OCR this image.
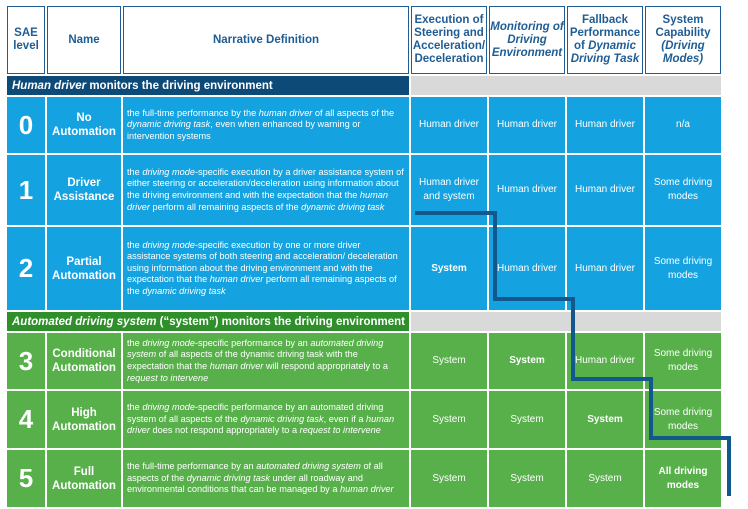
SAE level	Name	Narrative Definition	Execution of Steering and Acceleration/ Deceleration	Monitoring of Driving Environment	Fallback Performance of Dynamic Driving Task	System Capability (Driving Modes)
Human driver monitors the driving environment						
0	No Automation	the full-time performance by the human driver of all aspects of the dynamic driving task, even when enhanced by warning or intervention systems	Human driver	Human driver	Human driver	n/a
1	Driver Assistance	the driving mode-specific execution by a driver assistance system of either steering or acceleration/deceleration using information about the driving environment and with the expectation that the human driver perform all remaining aspects of the dynamic driving task	Human driver and system	Human driver	Human driver	Some driving modes
2	Partial Automation	the driving mode-specific execution by one or more driver assistance systems of both steering and acceleration/ deceleration using information about the driving environment and with the expectation that the human driver perform all remaining aspects of the dynamic driving task	System	Human driver	Human driver	Some driving modes
Automated driving system (“system”) monitors the driving environment						
3	Conditional Automation	the driving mode-specific performance by an automated driving system of all aspects of the dynamic driving task with the expectation that the human driver will respond appropriately to a request to intervene	System	System	Human driver	Some driving modes
4	High Automation	the driving mode-specific performance by an automated driving system of all aspects of the dynamic driving task, even if a human driver does not respond appropriately to a request to intervene	System	System	System	Some driving modes
5	Full Automation	the full-time performance by an automated driving system of all aspects of the dynamic driving task under all roadway and environmental conditions that can be managed by a human driver	System	System	System	All driving modes
